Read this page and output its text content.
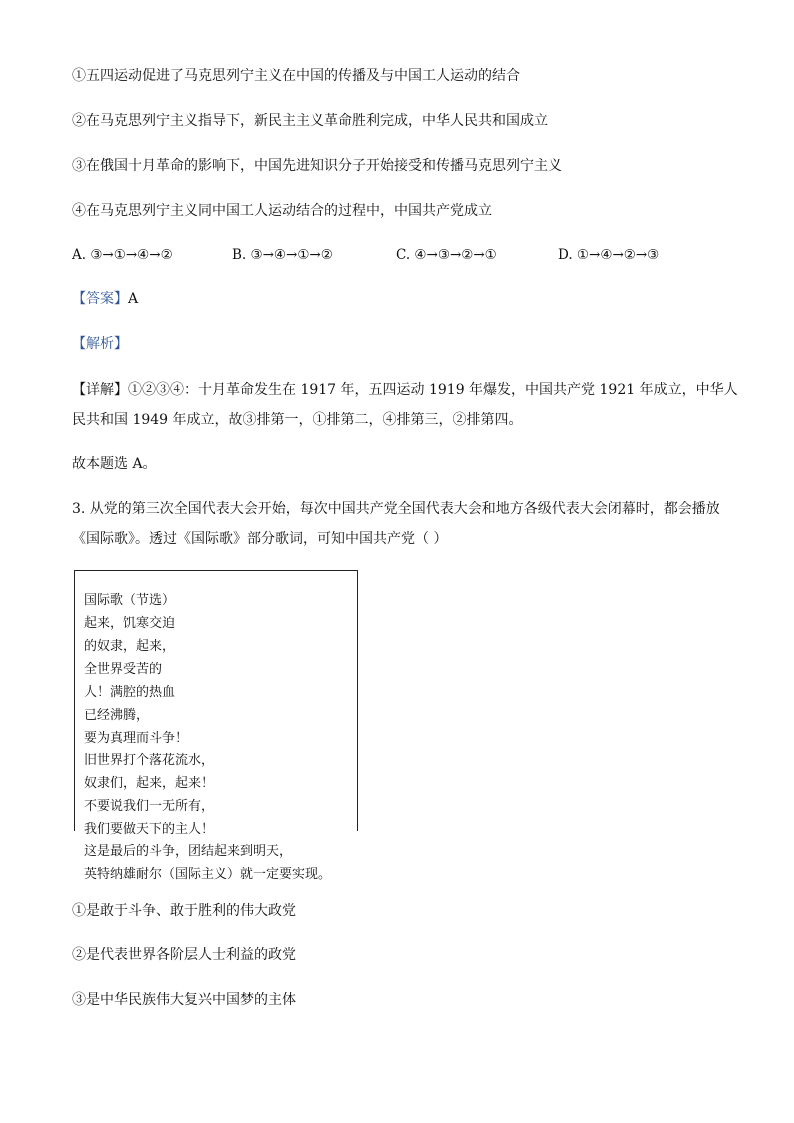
①五四运动促进了马克思列宁主义在中国的传播及与中国工人运动的结合
②在马克思列宁主义指导下，新民主主义革命胜利完成，中华人民共和国成立
③在俄国十月革命的影响下，中国先进知识分子开始接受和传播马克思列宁主义
④在马克思列宁主义同中国工人运动结合的过程中，中国共产党成立
A. ③→①→④→②	B. ③→④→①→②	C. ④→③→②→①	D. ①→④→②→③
【答案】A
【解析】
【详解】①②③④：十月革命发生在 1917 年，五四运动 1919 年爆发，中国共产党 1921 年成立，中华人
民共和国 1949 年成立，故③排第一，①排第二，④排第三，②排第四。
故本题选 A。
3. 从党的第三次全国代表大会开始，每次中国共产党全国代表大会和地方各级代表大会闭幕时，都会播放
《国际歌》。透过《国际歌》部分歌词，可知中国共产党（ ）
国际歌（节选）
起来，饥寒交迫
的奴隶，起来，
全世界受苦的
人！满腔的热血
已经沸腾，
要为真理而斗争！
旧世界打个落花流水，
奴隶们，起来，起来！
不要说我们一无所有，
我们要做天下的主人！
这是最后的斗争，团结起来到明天，
英特纳雄耐尔（国际主义）就一定要实现。
①是敢于斗争、敢于胜利的伟大政党
②是代表世界各阶层人士利益的政党
③是中华民族伟大复兴中国梦的主体
